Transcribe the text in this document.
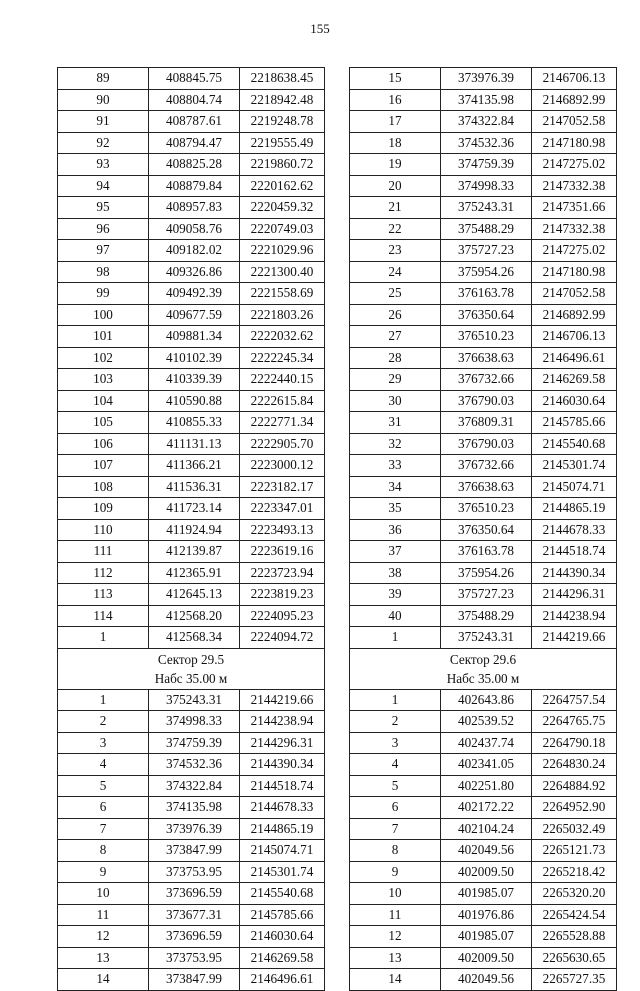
155
89	408845.75	2218638.45
90	408804.74	2218942.48
91	408787.61	2219248.78
92	408794.47	2219555.49
93	408825.28	2219860.72
94	408879.84	2220162.62
95	408957.83	2220459.32
96	409058.76	2220749.03
97	409182.02	2221029.96
98	409326.86	2221300.40
99	409492.39	2221558.69
100	409677.59	2221803.26
101	409881.34	2222032.62
102	410102.39	2222245.34
103	410339.39	2222440.15
104	410590.88	2222615.84
105	410855.33	2222771.34
106	411131.13	2222905.70
107	411366.21	2223000.12
108	411536.31	2223182.17
109	411723.14	2223347.01
110	411924.94	2223493.13
111	412139.87	2223619.16
112	412365.91	2223723.94
113	412645.13	2223819.23
114	412568.20	2224095.23
1	412568.34	2224094.72

Сектор 29.5
Набс 35.00 м		

1	375243.31	2144219.66
2	374998.33	2144238.94
3	374759.39	2144296.31
4	374532.36	2144390.34
5	374322.84	2144518.74
6	374135.98	2144678.33
7	373976.39	2144865.19
8	373847.99	2145074.71
9	373753.95	2145301.74
10	373696.59	2145540.68
11	373677.31	2145785.66
12	373696.59	2146030.64
13	373753.95	2146269.58
14	373847.99	2146496.61
15	373976.39	2146706.13
16	374135.98	2146892.99
17	374322.84	2147052.58
18	374532.36	2147180.98
19	374759.39	2147275.02
20	374998.33	2147332.38
21	375243.31	2147351.66
22	375488.29	2147332.38
23	375727.23	2147275.02
24	375954.26	2147180.98
25	376163.78	2147052.58
26	376350.64	2146892.99
27	376510.23	2146706.13
28	376638.63	2146496.61
29	376732.66	2146269.58
30	376790.03	2146030.64
31	376809.31	2145785.66
32	376790.03	2145540.68
33	376732.66	2145301.74
34	376638.63	2145074.71
35	376510.23	2144865.19
36	376350.64	2144678.33
37	376163.78	2144518.74
38	375954.26	2144390.34
39	375727.23	2144296.31
40	375488.29	2144238.94
1	375243.31	2144219.66

Сектор 29.6
Набс 35.00 м		

1	402643.86	2264757.54
2	402539.52	2264765.75
3	402437.74	2264790.18
4	402341.05	2264830.24
5	402251.80	2264884.92
6	402172.22	2264952.90
7	402104.24	2265032.49
8	402049.56	2265121.73
9	402009.50	2265218.42
10	401985.07	2265320.20
11	401976.86	2265424.54
12	401985.07	2265528.88
13	402009.50	2265630.65
14	402049.56	2265727.35
